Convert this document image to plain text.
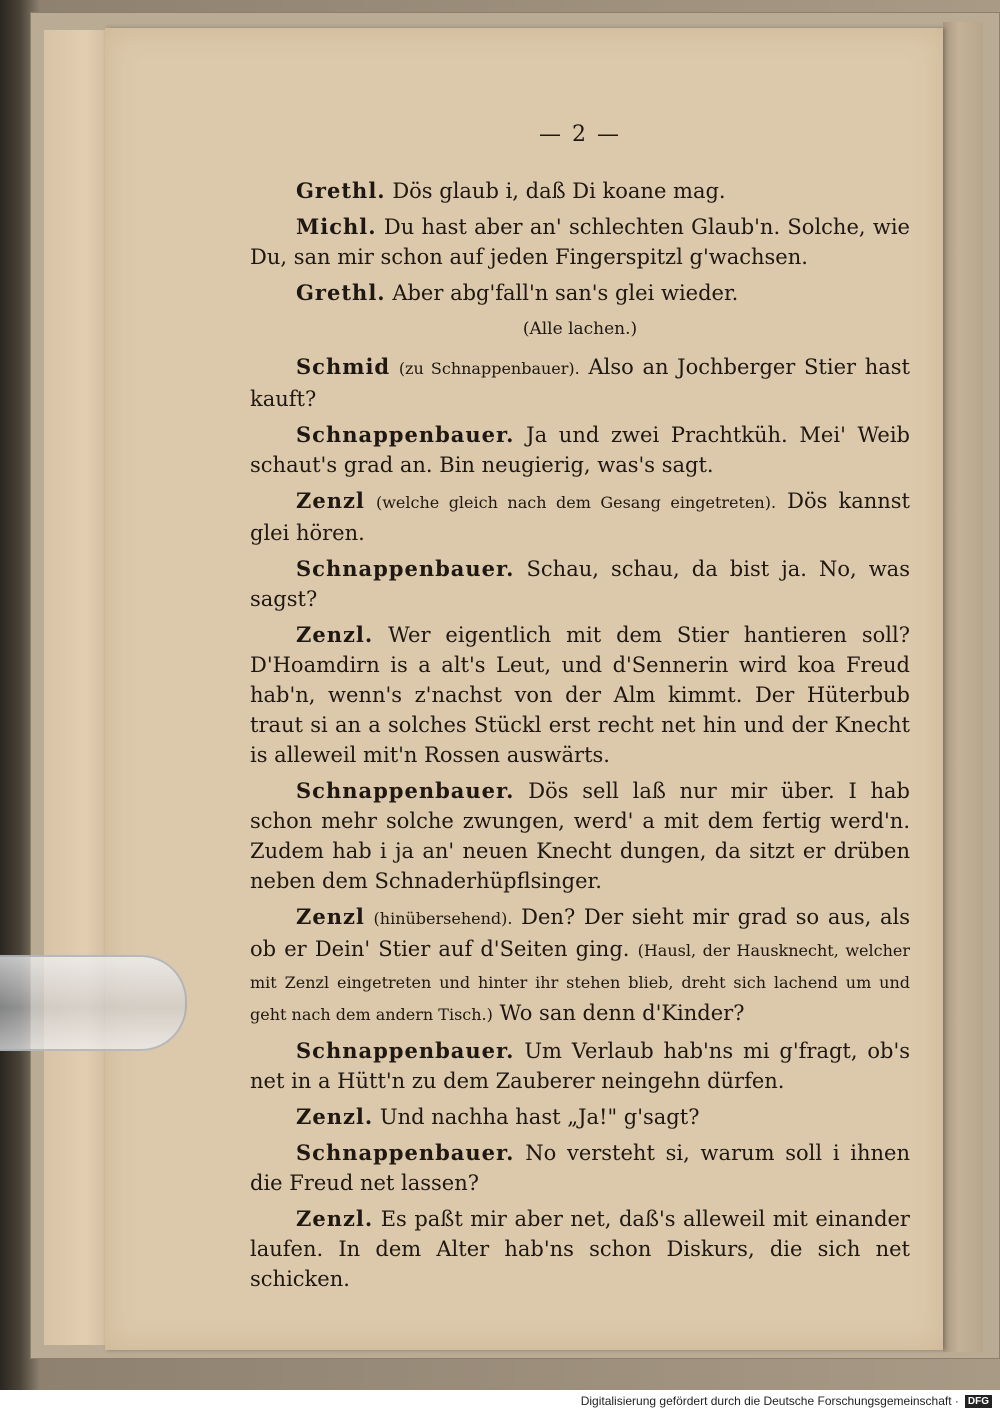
— 2 —

Grethl. Dös glaub i, daß Di koane mag.

Michl. Du hast aber an' schlechten Glaub'n. Solche, wie Du, san mir schon auf jeden Fingerspitzl g'wachsen.

Grethl. Aber abg'fall'n san's glei wieder.

(Alle lachen.)

Schmid (zu Schnappenbauer). Also an Jochberger Stier hast kauft?

Schnappenbauer. Ja und zwei Prachtküh. Mei' Weib schaut's grad an. Bin neugierig, was's sagt.

Zenzl (welche gleich nach dem Gesang eingetreten). Dös kannst glei hören.

Schnappenbauer. Schau, schau, da bist ja. No, was sagst?

Zenzl. Wer eigentlich mit dem Stier hantieren soll? D'Hoamdirn is a alt's Leut, und d'Sennerin wird koa Freud hab'n, wenn's z'nachst von der Alm kimmt. Der Hüterbub traut si an a solches Stückl erst recht net hin und der Knecht is alleweil mit'n Rossen auswärts.

Schnappenbauer. Dös sell laß nur mir über. I hab schon mehr solche zwungen, werd' a mit dem fertig werd'n. Zudem hab i ja an' neuen Knecht dungen, da sitzt er drüben neben dem Schnaderhüpflsinger.

Zenzl (hinübersehend). Den? Der sieht mir grad so aus, als ob er Dein' Stier auf d'Seiten ging. (Hausl, der Hausknecht, welcher mit Zenzl eingetreten und hinter ihr stehen blieb, dreht sich lachend um und geht nach dem andern Tisch.) Wo san denn d'Kinder?

Schnappenbauer. Um Verlaub hab'ns mi g'fragt, ob's net in a Hütt'n zu dem Zauberer neingehn dürfen.

Zenzl. Und nachha hast „Ja!" g'sagt?

Schnappenbauer. No versteht si, warum soll i ihnen die Freud net lassen?

Zenzl. Es paßt mir aber net, daß's alleweil mit einander laufen. In dem Alter hab'ns schon Diskurs, die sich net schicken.

Digitalisierung gefördert durch die Deutsche Forschungsgemeinschaft · DFG
